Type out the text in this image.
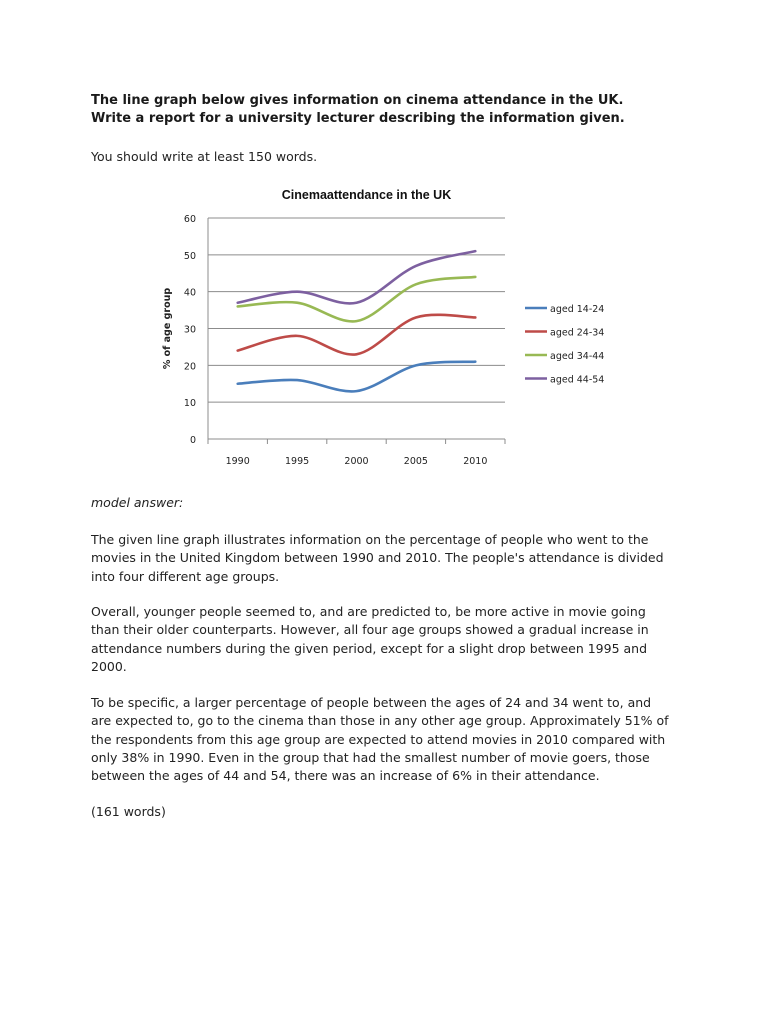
The line graph below gives information on cinema attendance in the UK.
Write a report for a university lecturer describing the information given.
You should write at least 150 words.
Cinemaattendance in the UK
0
10
20
30
40
50
60
1990	1995	2000	2005	2010
% of age group	aged 14-24
aged 24-34
aged 34-44
aged 44-54
model answer:
The given line graph illustrates information on the percentage of people who went to the
movies in the United Kingdom between 1990 and 2010. The people's attendance is divided
into four different age groups.
Overall, younger people seemed to, and are predicted to, be more active in movie going
than their older counterparts. However, all four age groups showed a gradual increase in
attendance numbers during the given period, except for a slight drop between 1995 and
2000.
To be specific, a larger percentage of people between the ages of 24 and 34 went to, and
are expected to, go to the cinema than those in any other age group. Approximately 51% of
the respondents from this age group are expected to attend movies in 2010 compared with
only 38% in 1990. Even in the group that had the smallest number of movie goers, those
between the ages of 44 and 54, there was an increase of 6% in their attendance.
(161 words)
